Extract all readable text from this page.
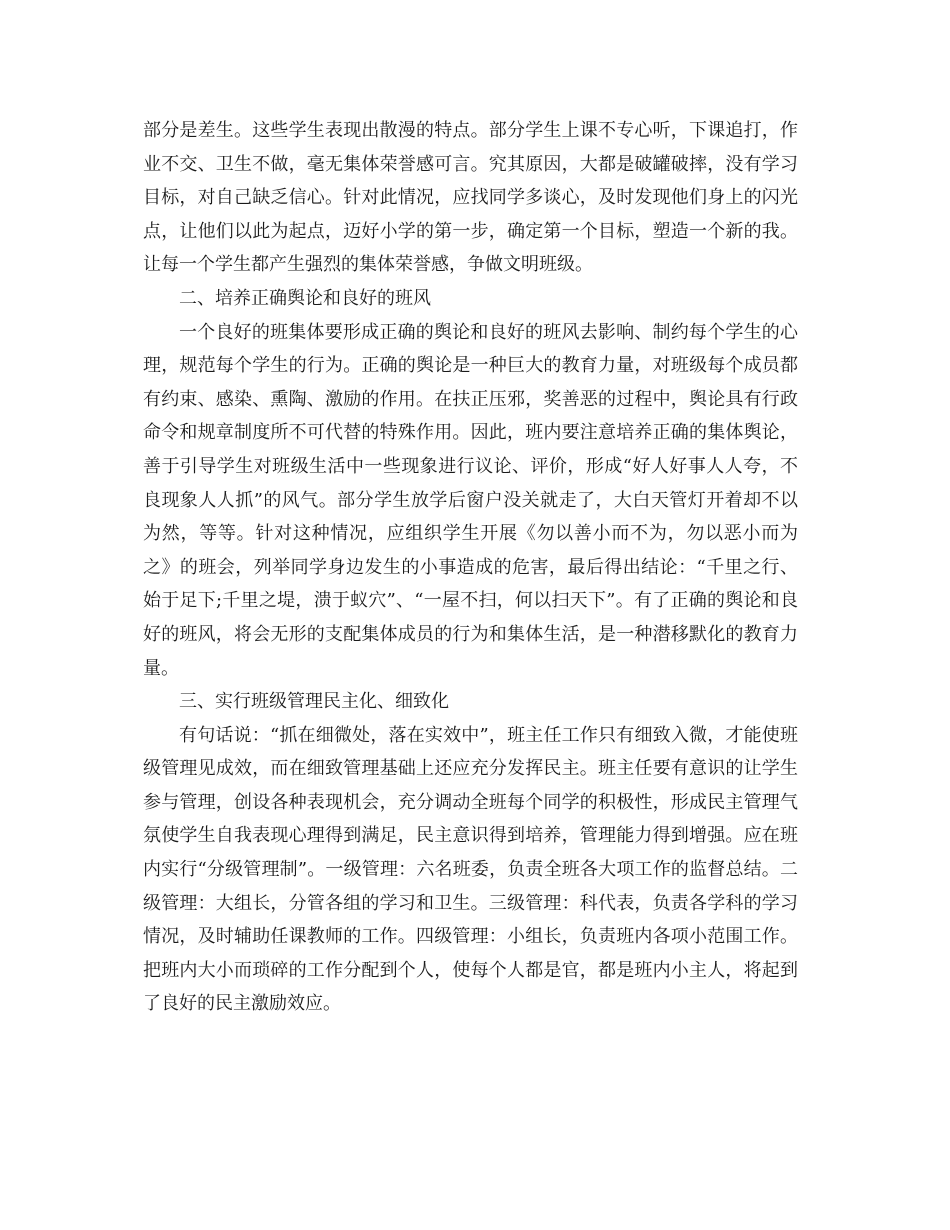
部分是差生。这些学生表现出散漫的特点。部分学生上课不专心听，下课追打，作业不交、卫生不做，毫无集体荣誉感可言。究其原因，大都是破罐破摔，没有学习目标，对自己缺乏信心。针对此情况，应找同学多谈心，及时发现他们身上的闪光点，让他们以此为起点，迈好小学的第一步，确定第一个目标，塑造一个新的我。让每一个学生都产生强烈的集体荣誉感，争做文明班级。

二、培养正确舆论和良好的班风

一个良好的班集体要形成正确的舆论和良好的班风去影响、制约每个学生的心理，规范每个学生的行为。正确的舆论是一种巨大的教育力量，对班级每个成员都有约束、感染、熏陶、激励的作用。在扶正压邪，奖善恶的过程中，舆论具有行政命令和规章制度所不可代替的特殊作用。因此，班内要注意培养正确的集体舆论，善于引导学生对班级生活中一些现象进行议论、评价，形成“好人好事人人夸，不良现象人人抓”的风气。部分学生放学后窗户没关就走了，大白天管灯开着却不以为然，等等。针对这种情况，应组织学生开展《勿以善小而不为，勿以恶小而为之》的班会，列举同学身边发生的小事造成的危害，最后得出结论：“千里之行、始于足下;千里之堤，溃于蚁穴”、“一屋不扫，何以扫天下”。有了正确的舆论和良好的班风，将会无形的支配集体成员的行为和集体生活，是一种潜移默化的教育力量。

三、实行班级管理民主化、细致化

有句话说：“抓在细微处，落在实效中”，班主任工作只有细致入微，才能使班级管理见成效，而在细致管理基础上还应充分发挥民主。班主任要有意识的让学生参与管理，创设各种表现机会，充分调动全班每个同学的积极性，形成民主管理气氛使学生自我表现心理得到满足，民主意识得到培养，管理能力得到增强。应在班内实行“分级管理制”。一级管理：六名班委，负责全班各大项工作的监督总结。二级管理：大组长，分管各组的学习和卫生。三级管理：科代表，负责各学科的学习情况，及时辅助任课教师的工作。四级管理：小组长，负责班内各项小范围工作。把班内大小而琐碎的工作分配到个人，使每个人都是官，都是班内小主人，将起到了良好的民主激励效应。
